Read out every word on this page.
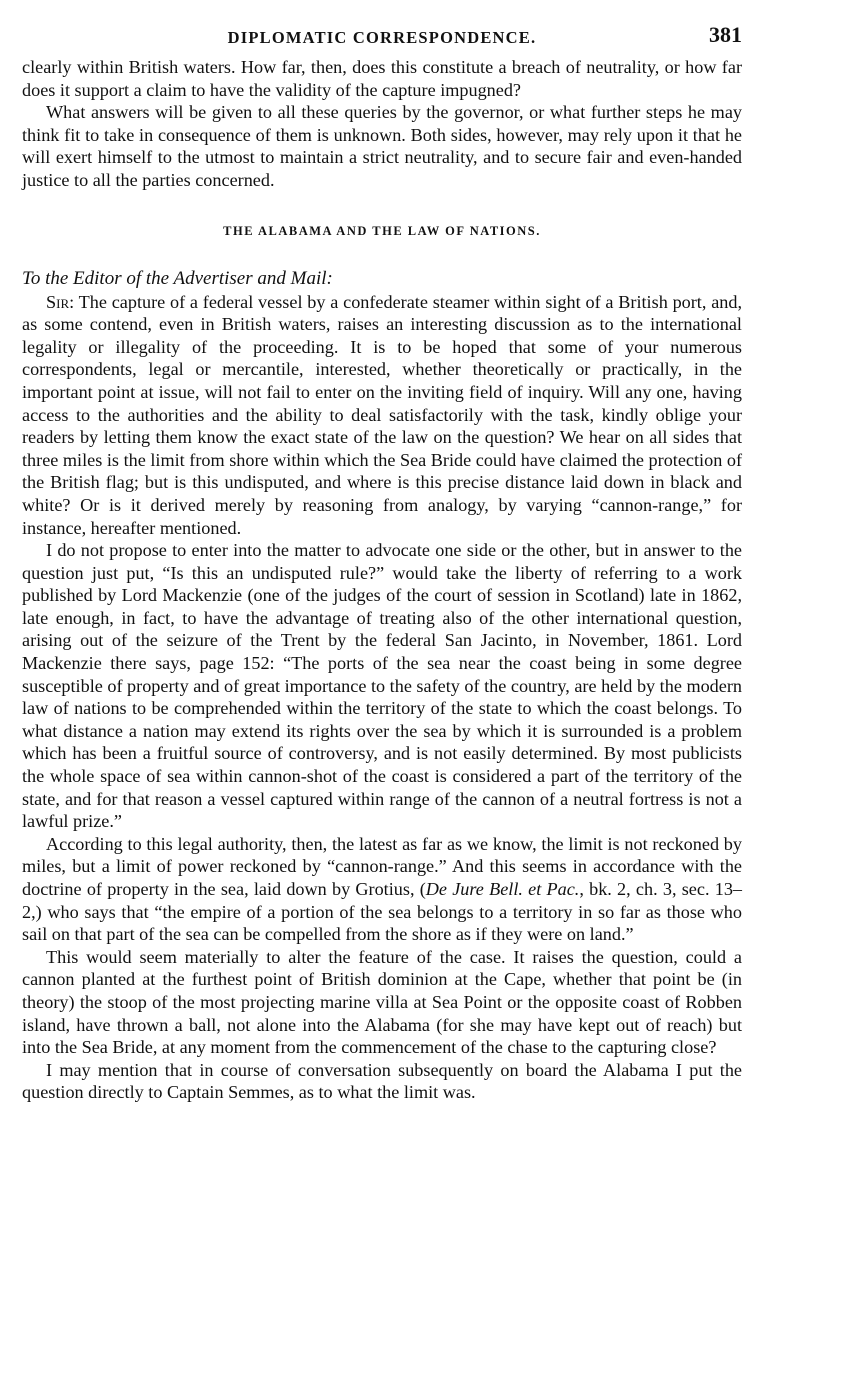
DIPLOMATIC CORRESPONDENCE.	381

clearly within British waters. How far, then, does this constitute a breach of neutrality, or how far does it support a claim to have the validity of the capture impugned?

What answers will be given to all these queries by the governor, or what further steps he may think fit to take in consequence of them is unknown. Both sides, however, may rely upon it that he will exert himself to the utmost to maintain a strict neutrality, and to secure fair and even-handed justice to all the parties concerned.

THE ALABAMA AND THE LAW OF NATIONS.

To the Editor of the Advertiser and Mail:

Sir: The capture of a federal vessel by a confederate steamer within sight of a British port, and, as some contend, even in British waters, raises an interesting discussion as to the international legality or illegality of the proceeding. It is to be hoped that some of your numerous correspondents, legal or mercantile, interested, whether theoretically or practically, in the important point at issue, will not fail to enter on the inviting field of inquiry. Will any one, having access to the authorities and the ability to deal satisfactorily with the task, kindly oblige your readers by letting them know the exact state of the law on the question? We hear on all sides that three miles is the limit from shore within which the Sea Bride could have claimed the protection of the British flag; but is this undisputed, and where is this precise distance laid down in black and white? Or is it derived merely by reasoning from analogy, by varying “cannon-range,” for instance, hereafter mentioned.

I do not propose to enter into the matter to advocate one side or the other, but in answer to the question just put, “Is this an undisputed rule?” would take the liberty of referring to a work published by Lord Mackenzie (one of the judges of the court of session in Scotland) late in 1862, late enough, in fact, to have the advantage of treating also of the other international question, arising out of the seizure of the Trent by the federal San Jacinto, in November, 1861. Lord Mackenzie there says, page 152: “The ports of the sea near the coast being in some degree susceptible of property and of great importance to the safety of the country, are held by the modern law of nations to be comprehended within the territory of the state to which the coast belongs. To what distance a nation may extend its rights over the sea by which it is surrounded is a problem which has been a fruitful source of controversy, and is not easily determined. By most publicists the whole space of sea within cannon-shot of the coast is considered a part of the territory of the state, and for that reason a vessel captured within range of the cannon of a neutral fortress is not a lawful prize.”

According to this legal authority, then, the latest as far as we know, the limit is not reckoned by miles, but a limit of power reckoned by “cannon-range.” And this seems in accordance with the doctrine of property in the sea, laid down by Grotius, (De Jure Bell. et Pac., bk. 2, ch. 3, sec. 13–2,) who says that “the empire of a portion of the sea belongs to a territory in so far as those who sail on that part of the sea can be compelled from the shore as if they were on land.”

This would seem materially to alter the feature of the case. It raises the question, could a cannon planted at the furthest point of British dominion at the Cape, whether that point be (in theory) the stoop of the most projecting marine villa at Sea Point or the opposite coast of Robben island, have thrown a ball, not alone into the Alabama (for she may have kept out of reach) but into the Sea Bride, at any moment from the commencement of the chase to the capturing close?

I may mention that in course of conversation subsequently on board the Alabama I put the question directly to Captain Semmes, as to what the limit was.
